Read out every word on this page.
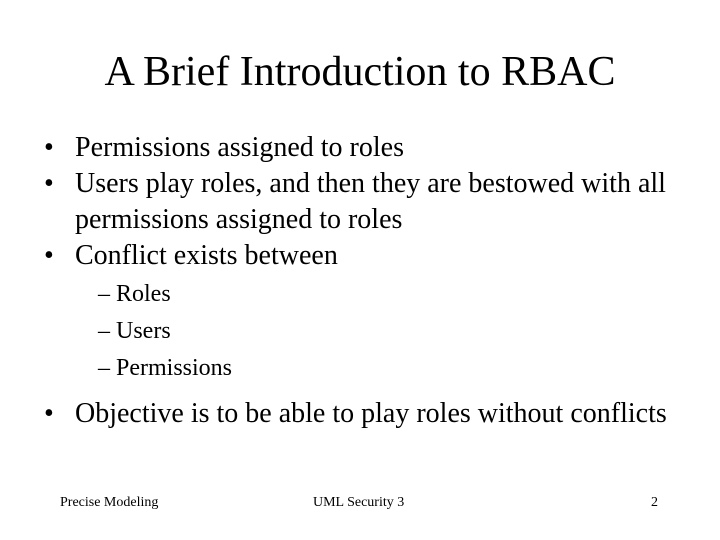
A Brief Introduction to RBAC
• Permissions assigned to roles
• Users play roles, and then they are bestowed with all permissions assigned to roles
• Conflict exists between
– Roles
– Users
– Permissions
• Objective is to be able to play roles without conflicts
Precise Modeling	UML Security 3	2
